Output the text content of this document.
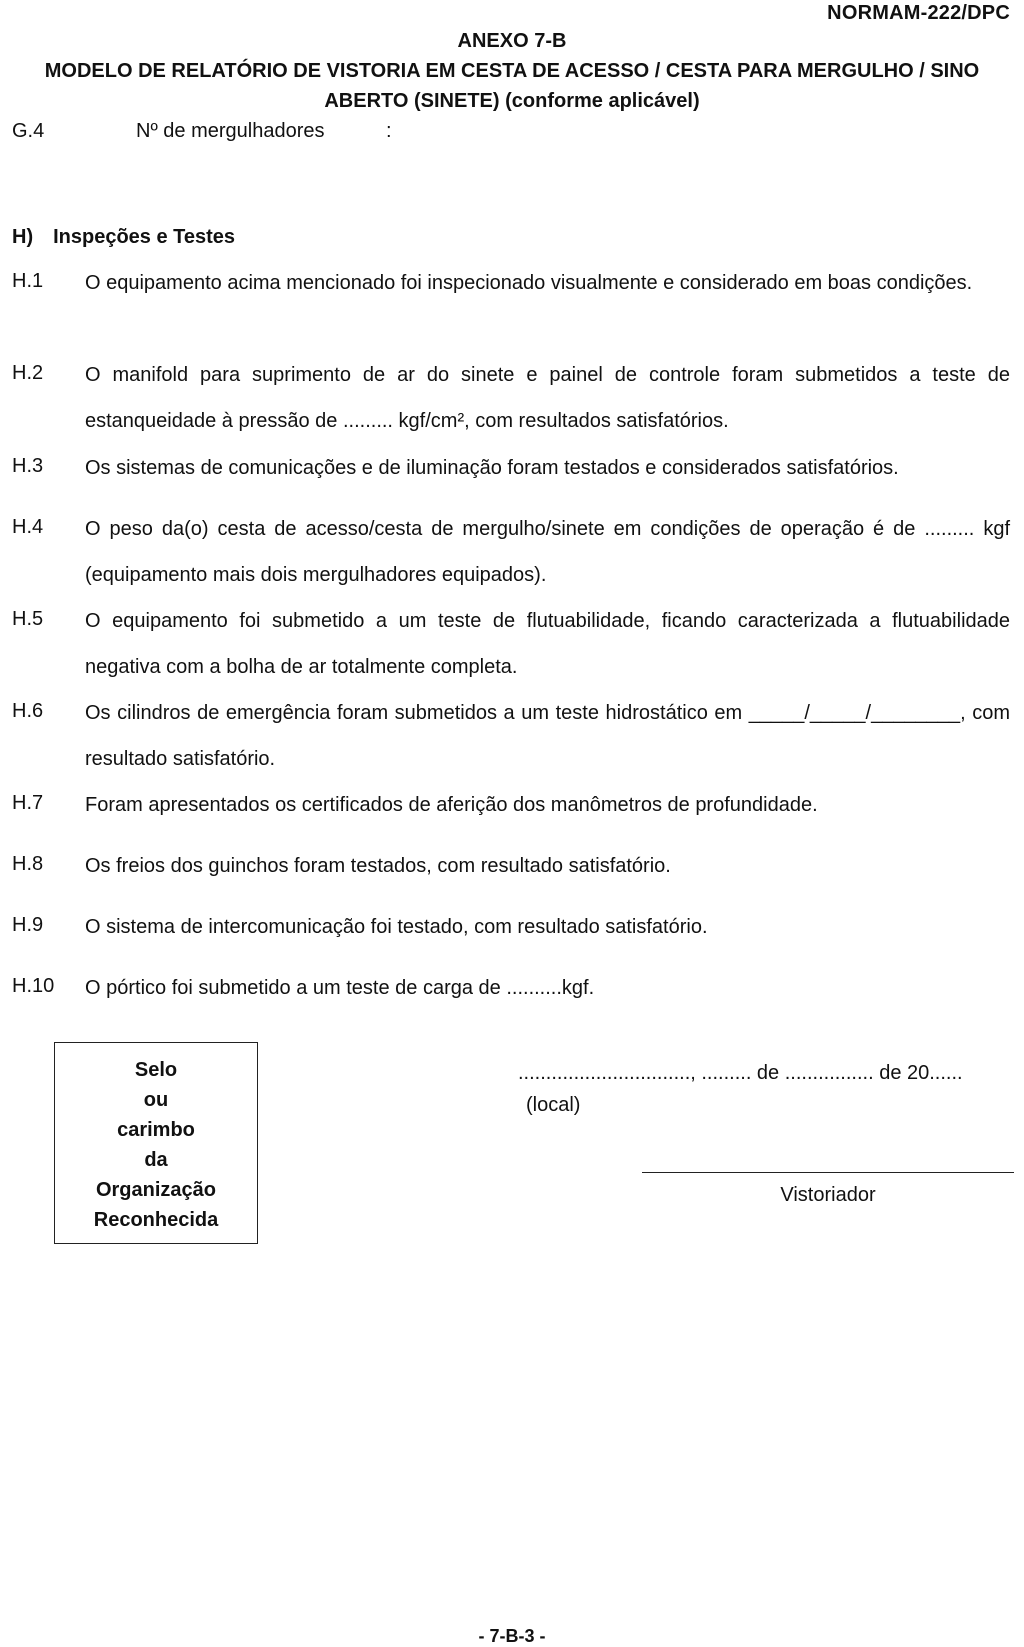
NORMAM-222/DPC
ANEXO 7-B
MODELO DE RELATÓRIO DE VISTORIA EM CESTA DE ACESSO / CESTA PARA MERGULHO / SINO
ABERTO (SINETE) (conforme aplicável)
G.4	Nº de mergulhadores	:
H) Inspeções e Testes
H.1 O equipamento acima mencionado foi inspecionado visualmente e considerado em boas condições.
H.2 O manifold para suprimento de ar do sinete e painel de controle foram submetidos a teste de estanqueidade à pressão de ......... kgf/cm², com resultados satisfatórios.
H.3 Os sistemas de comunicações e de iluminação foram testados e considerados satisfatórios.
H.4 O peso da(o) cesta de acesso/cesta de mergulho/sinete em condições de operação é de ......... kgf (equipamento mais dois mergulhadores equipados).
H.5 O equipamento foi submetido a um teste de flutuabilidade, ficando caracterizada a flutuabilidade negativa com a bolha de ar totalmente completa.
H.6 Os cilindros de emergência foram submetidos a um teste hidrostático em _____/_____/________, com resultado satisfatório.
H.7 Foram apresentados os certificados de aferição dos manômetros de profundidade.
H.8 Os freios dos guinchos foram testados, com resultado satisfatório.
H.9 O sistema de intercomunicação foi testado, com resultado satisfatório.
H.10 O pórtico foi submetido a um teste de carga de ..........kgf.
Selo
ou
carimbo
da
Organização
Reconhecida
..............................., ......... de ................ de 20......
(local)
Vistoriador
- 7-B-3 -
